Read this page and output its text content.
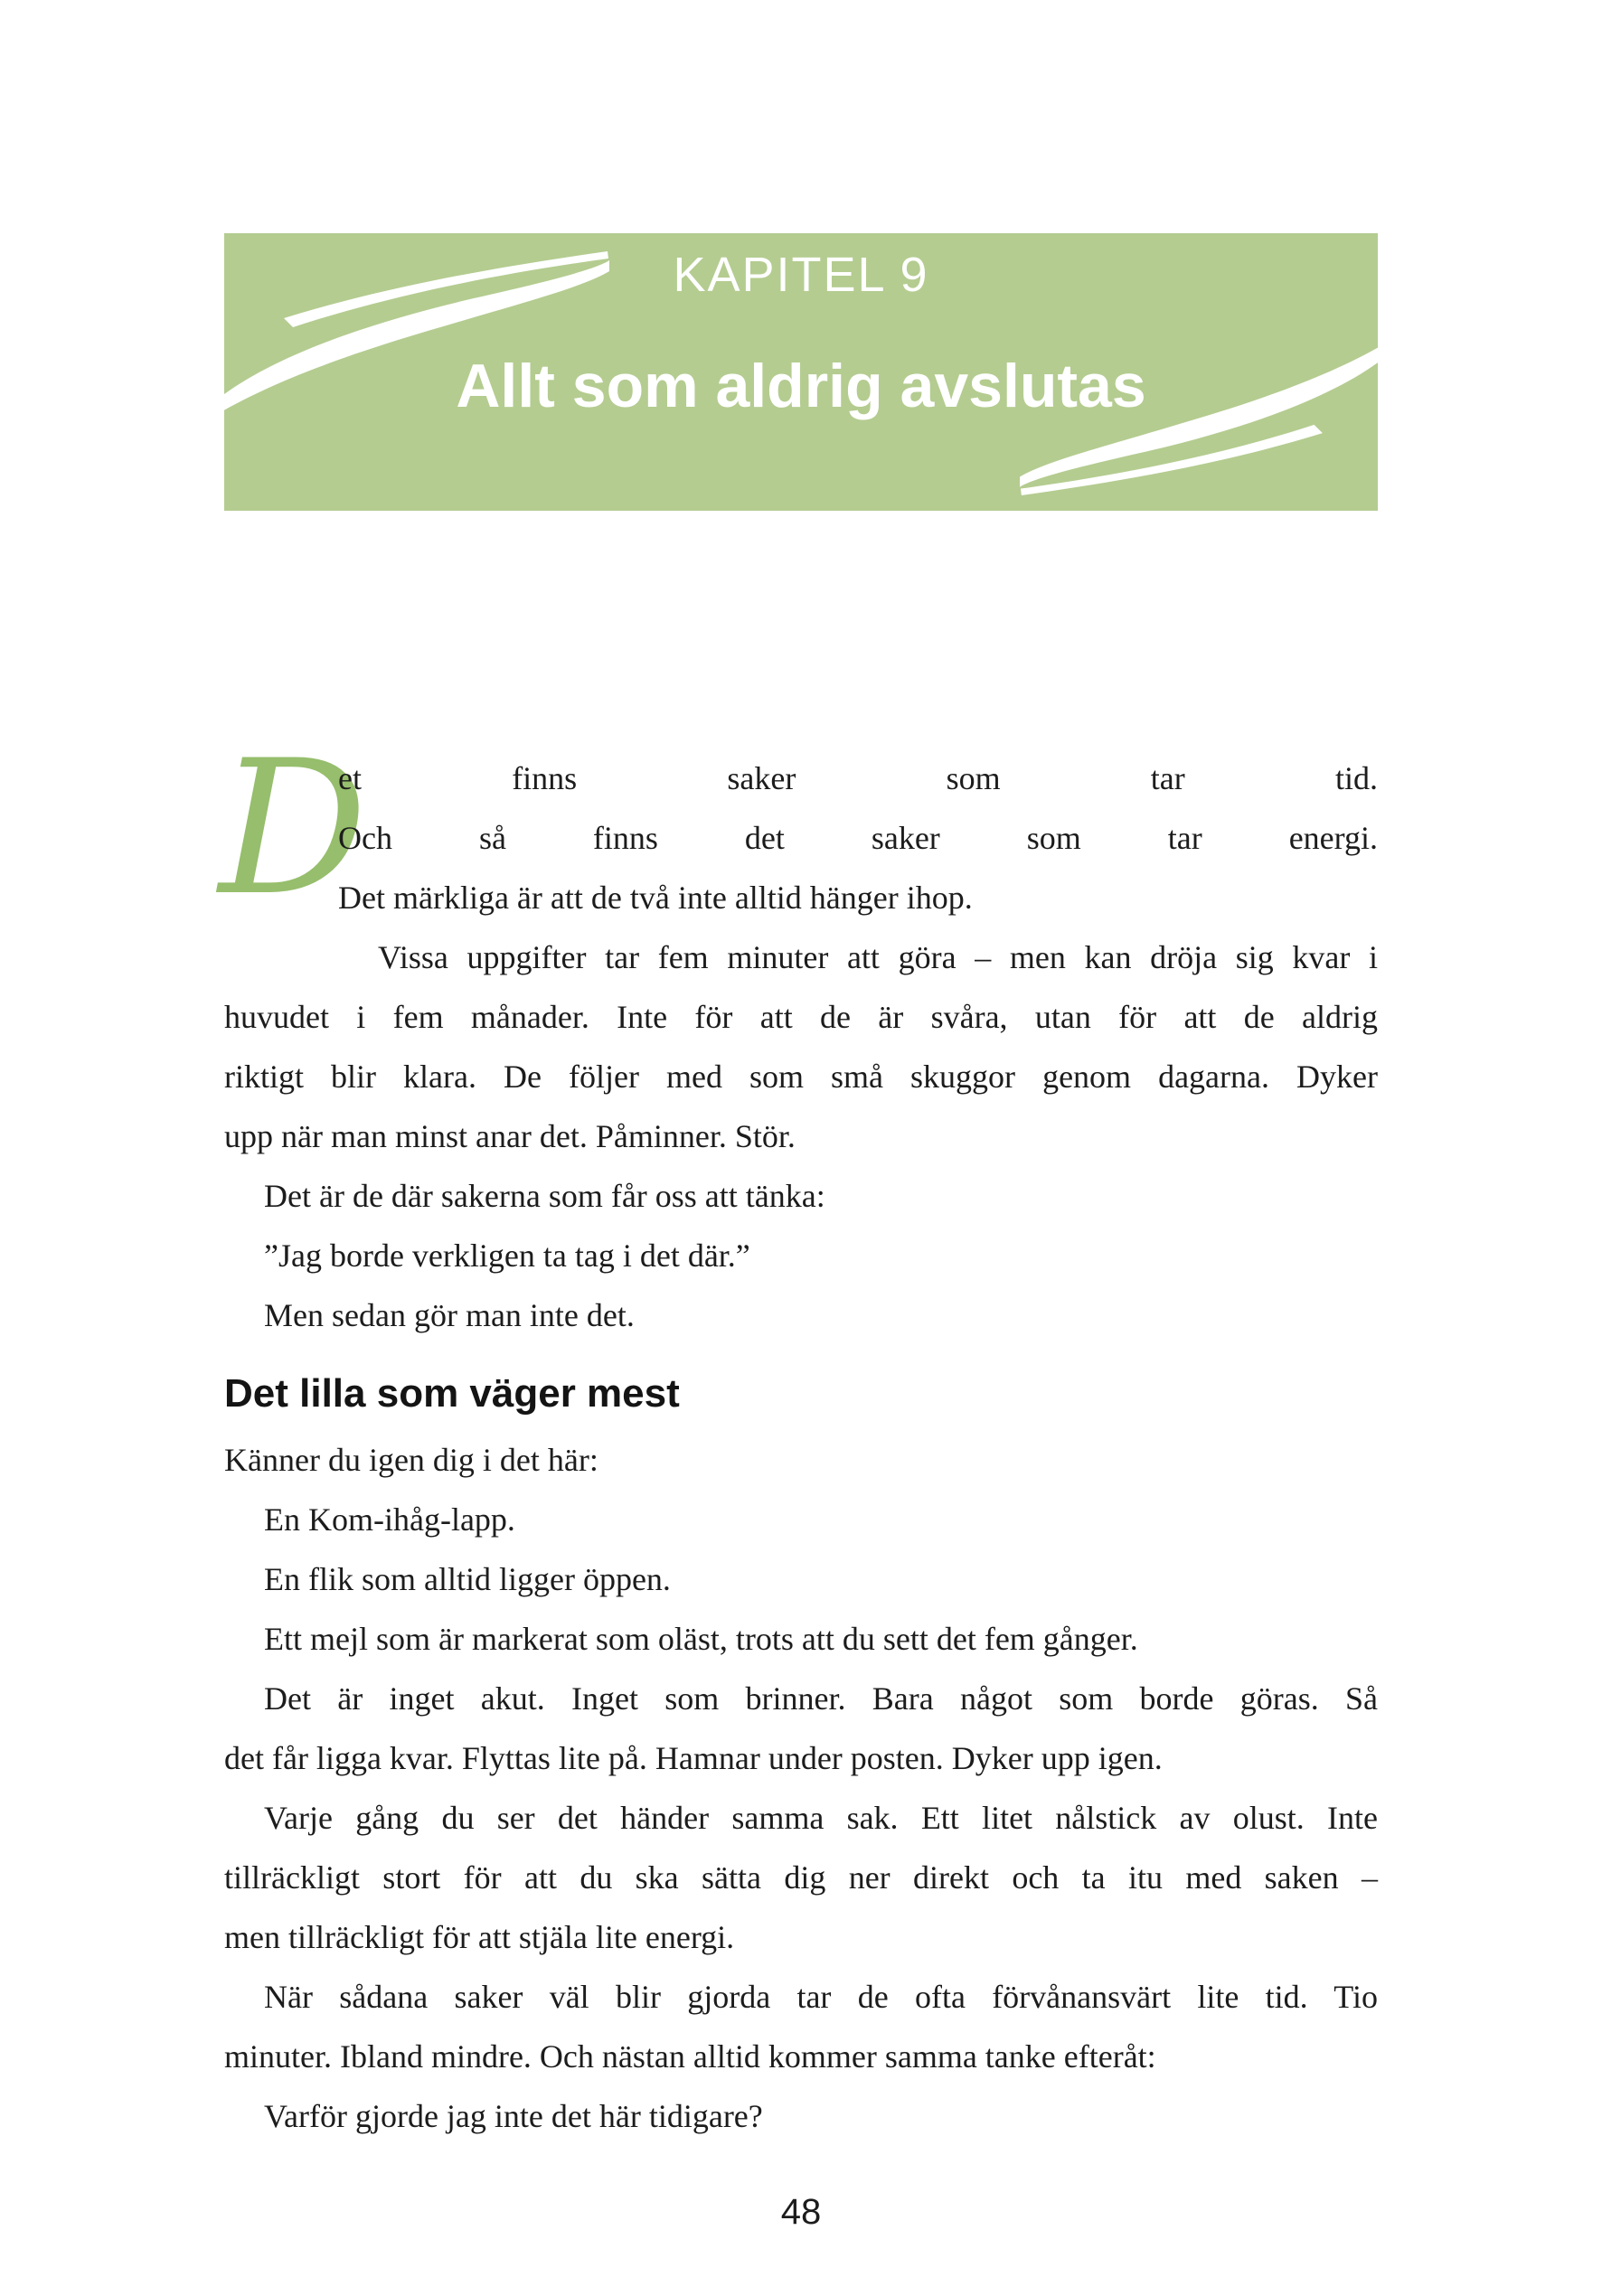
KAPITEL 9
Allt som aldrig avslutas
D
et finns saker som tar tid.
Och så finns det saker som tar energi.
Det märkliga är att de två inte alltid hänger ihop.
Vissa uppgifter tar fem minuter att göra – men kan dröja sig kvar i
huvudet i fem månader. Inte för att de är svåra, utan för att de aldrig
riktigt blir klara. De följer med som små skuggor genom dagarna. Dyker
upp när man minst anar det. Påminner. Stör.
Det är de där sakerna som får oss att tänka:
”Jag borde verkligen ta tag i det där.”
Men sedan gör man inte det.
Det lilla som väger mest
Känner du igen dig i det här:
En Kom-ihåg-lapp.
En flik som alltid ligger öppen.
Ett mejl som är markerat som oläst, trots att du sett det fem gånger.
Det är inget akut. Inget som brinner. Bara något som borde göras. Så
det får ligga kvar. Flyttas lite på. Hamnar under posten. Dyker upp igen.
Varje gång du ser det händer samma sak. Ett litet nålstick av olust. Inte
tillräckligt stort för att du ska sätta dig ner direkt och ta itu med saken –
men tillräckligt för att stjäla lite energi.
När sådana saker väl blir gjorda tar de ofta förvånansvärt lite tid. Tio
minuter. Ibland mindre. Och nästan alltid kommer samma tanke efteråt:
Varför gjorde jag inte det här tidigare?
48
